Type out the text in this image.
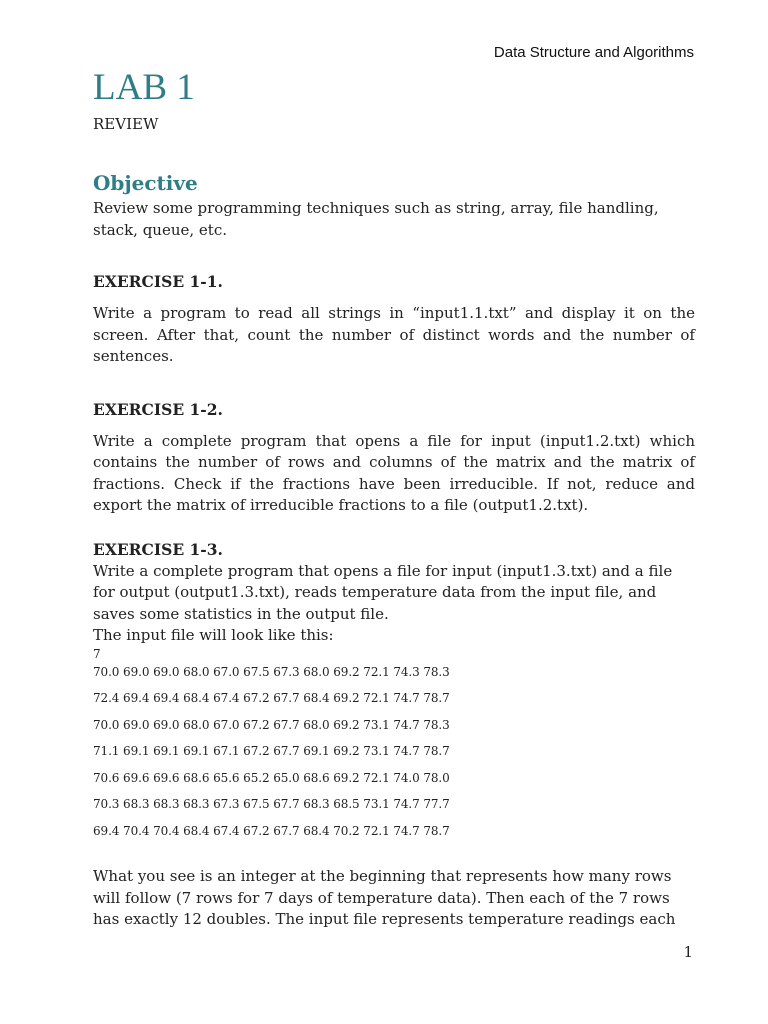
Data Structure and Algorithms
LAB 1
REVIEW
Objective

Review some programming techniques such as string, array, file handling, stack, queue, etc.

EXERCISE 1-1.

Write a program to read all strings in “input1.1.txt” and display it on the screen. After that, count the number of distinct words and the number of sentences.

EXERCISE 1-2.

Write a complete program that opens a file for input (input1.2.txt) which contains the number of rows and columns of the matrix and the matrix of fractions. Check if the fractions have been irreducible. If not, reduce and export the matrix of irreducible fractions to a file (output1.2.txt).

EXERCISE 1-3.

Write a complete program that opens a file for input (input1.3.txt) and a file for output (output1.3.txt), reads temperature data from the input file, and saves some statistics in the output file.

The input file will look like this:

7

70.0 69.0 69.0 68.0 67.0 67.5 67.3 68.0 69.2 72.1 74.3 78.3

72.4 69.4 69.4 68.4 67.4 67.2 67.7 68.4 69.2 72.1 74.7 78.7

70.0 69.0 69.0 68.0 67.0 67.2 67.7 68.0 69.2 73.1 74.7 78.3

71.1 69.1 69.1 69.1 67.1 67.2 67.7 69.1 69.2 73.1 74.7 78.7

70.6 69.6 69.6 68.6 65.6 65.2 65.0 68.6 69.2 72.1 74.0 78.0

70.3 68.3 68.3 68.3 67.3 67.5 67.7 68.3 68.5 73.1 74.7 77.7

69.4 70.4 70.4 68.4 67.4 67.2 67.7 68.4 70.2 72.1 74.7 78.7

What you see is an integer at the beginning that represents how many rows will follow (7 rows for 7 days of temperature data). Then each of the 7 rows has exactly 12 doubles. The input file represents temperature readings each

1
